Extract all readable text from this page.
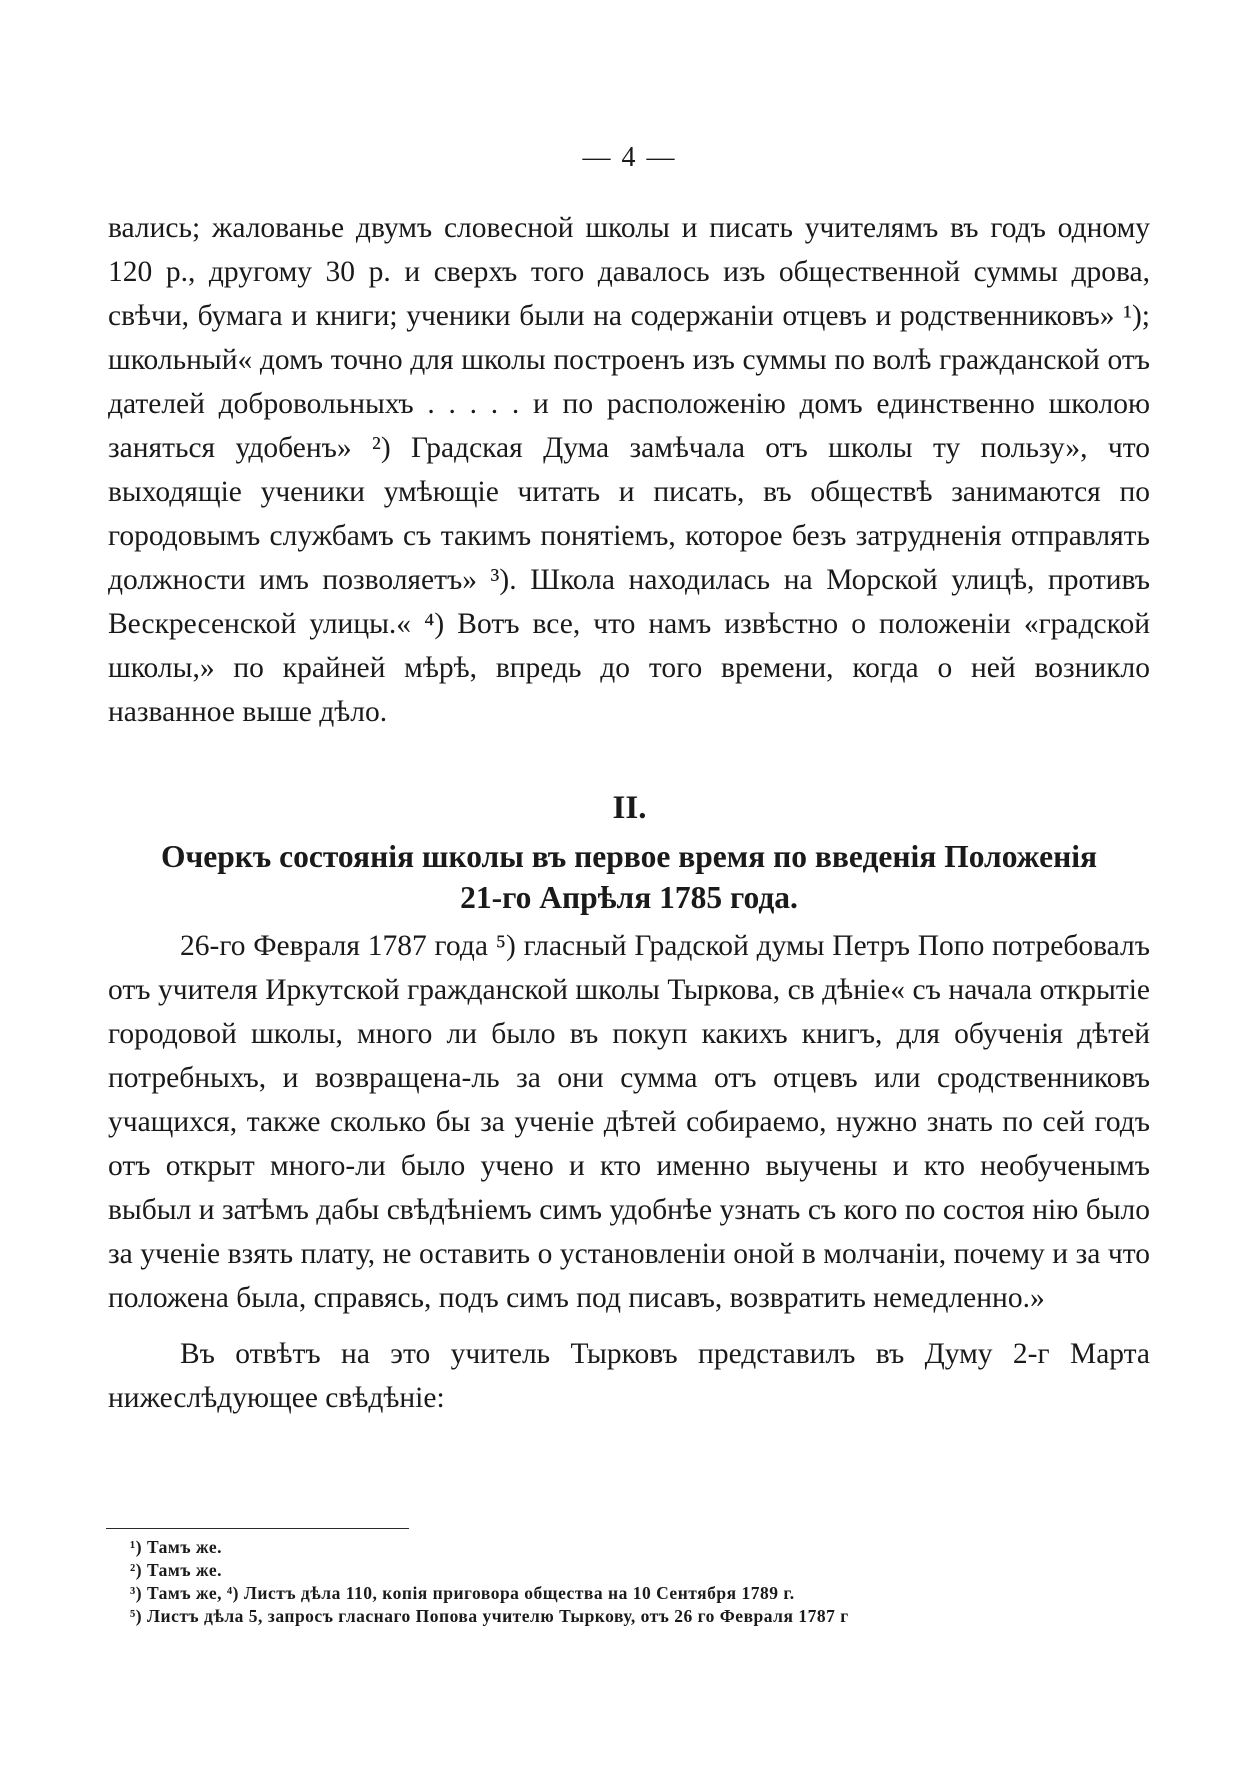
— 4 —

вались; жалованье двумъ словесной школы и писать учителямъ въ годъ одному 120 р., другому 30 р. и сверхъ того давалось изъ общественной суммы дрова, свѣчи, бумага и книги; ученики были на содержаніи отцевъ и родственниковъ» ¹); школьный« домъ точно для школы построенъ изъ суммы по волѣ гражданской отъ дателей добровольныхъ . . . . . и по расположенію домъ единственно школою заняться удобенъ» ²) Градская Дума замѣчала отъ школы ту пользу», что выходящіе ученики умѣющіе читать и писать, въ обществѣ занимаются по городовымъ службамъ съ такимъ понятіемъ, которое безъ затрудненія отправлять должности имъ позволяетъ» ³). Школа находилась на Морской улицѣ, противъ Вескресенской улицы.« ⁴) Вотъ все, что намъ извѣстно о положеніи «градской школы,» по крайней мѣрѣ, впредь до того времени, когда о ней возникло названное выше дѣло.

II.
Очеркъ состоянія школы въ первое время по введенія Положенія
21-го Апрѣля 1785 года.

26-го Февраля 1787 года ⁵) гласный Градской думы Петръ Попо потребовалъ отъ учителя Иркутской гражданской школы Тыркова, св дѣніе« съ начала открытіе городовой школы, много ли было въ покуп какихъ книгъ, для обученія дѣтей потребныхъ, и возвращена-ль за они сумма отъ отцевъ или сродственниковъ учащихся, также сколько бы за ученіе дѣтей собираемо, нужно знать по сей годъ отъ открыт много-ли было учено и кто именно выучены и кто необученымъ выбыл и затѣмъ дабы свѣдѣніемъ симъ удобнѣе узнать съ кого по состоя нію было за ученіе взять плату, не оставить о установленіи оной в молчаніи, почему и за что положена была, справясь, подъ симъ под писавъ, возвратить немедленно.»

Въ отвѣтъ на это учитель Тырковъ представилъ въ Думу 2-г Марта нижеслѣдующее свѣдѣніе:

¹) Тамъ же.
²) Тамъ же.
³) Тамъ же, ⁴) Листъ дѣла 110, копія приговора общества на 10 Сентября 1789 г.
⁵) Листъ дѣла 5, запросъ гласнаго Попова учителю Тыркову, отъ 26 го Февраля 1787 г
